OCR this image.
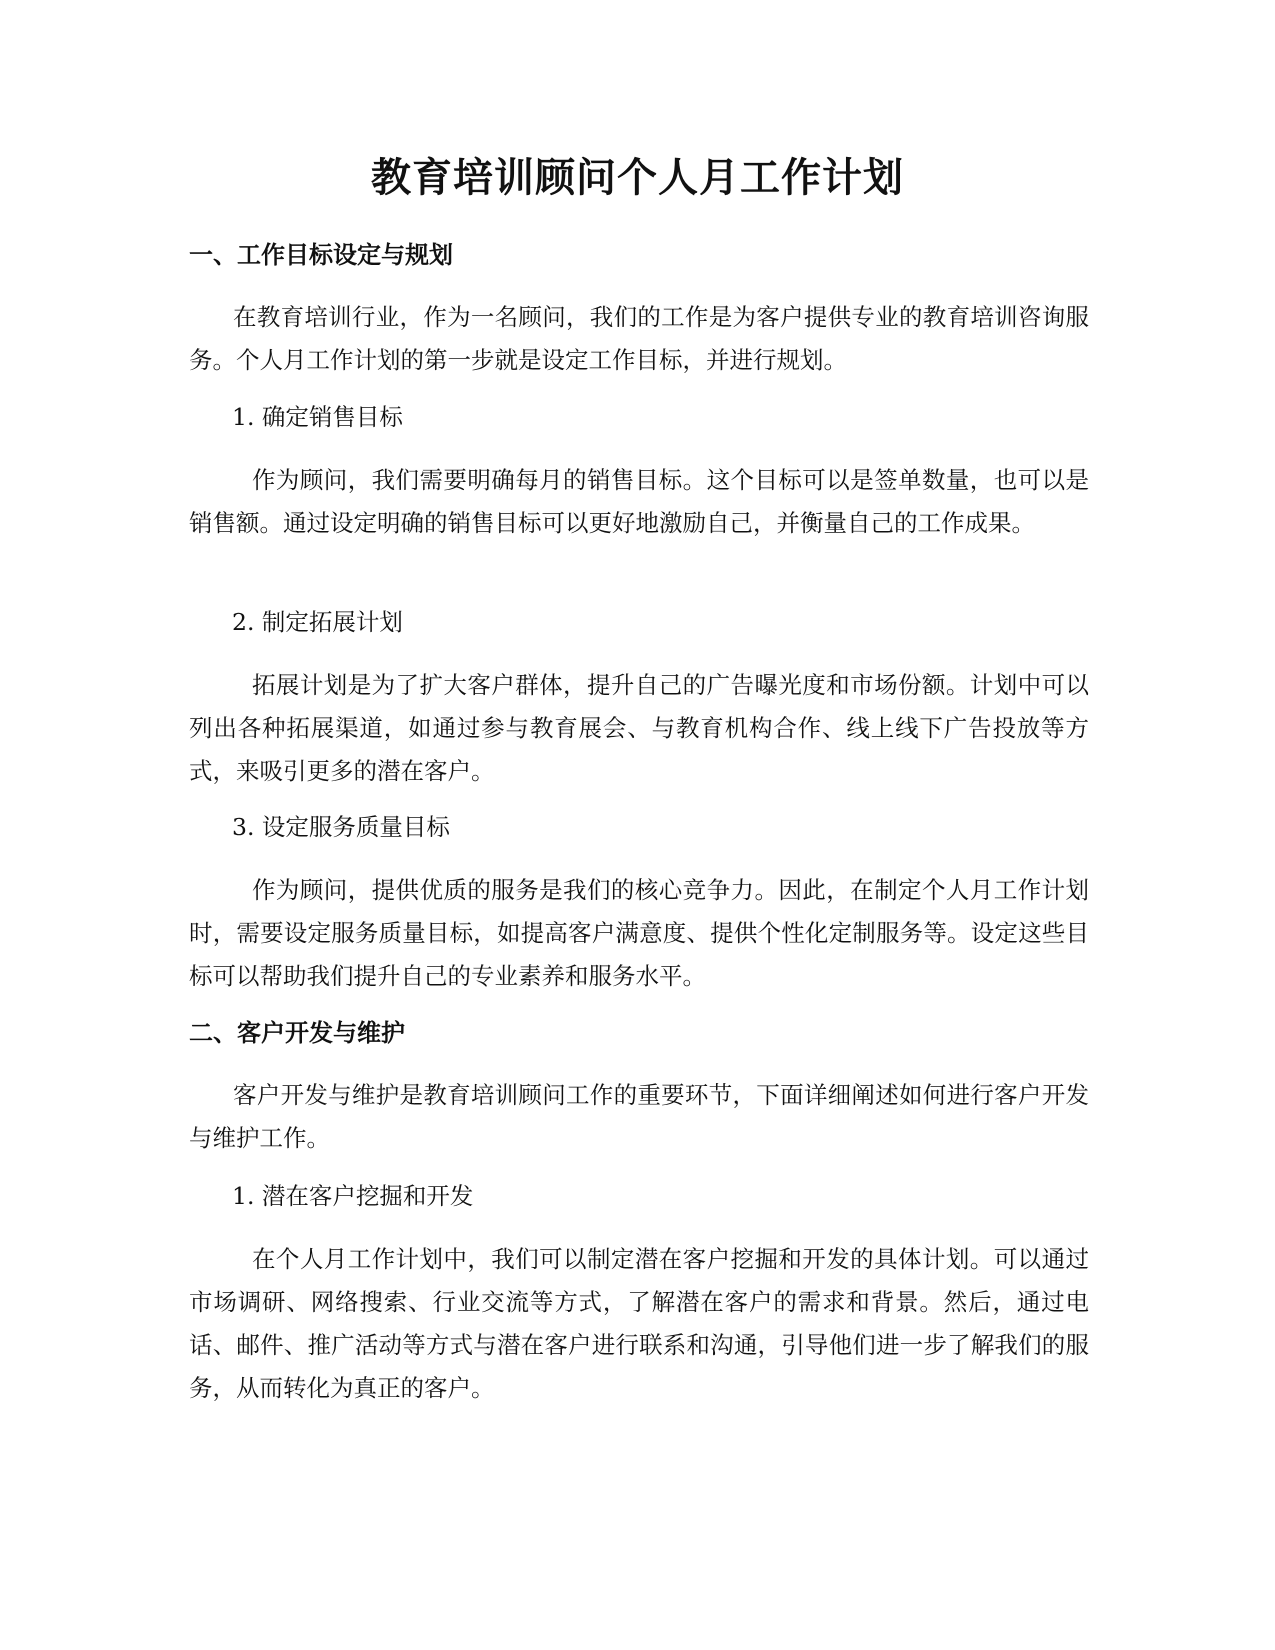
教育培训顾问个人月工作计划
一、工作目标设定与规划

在教育培训行业，作为一名顾问，我们的工作是为客户提供专业的教育培训咨询服务。个人月工作计划的第一步就是设定工作目标，并进行规划。

1. 确定销售目标

作为顾问，我们需要明确每月的销售目标。这个目标可以是签单数量，也可以是销售额。通过设定明确的销售目标可以更好地激励自己，并衡量自己的工作成果。

2. 制定拓展计划

拓展计划是为了扩大客户群体，提升自己的广告曝光度和市场份额。计划中可以列出各种拓展渠道，如通过参与教育展会、与教育机构合作、线上线下广告投放等方式，来吸引更多的潜在客户。

3. 设定服务质量目标

作为顾问，提供优质的服务是我们的核心竞争力。因此，在制定个人月工作计划时，需要设定服务质量目标，如提高客户满意度、提供个性化定制服务等。设定这些目标可以帮助我们提升自己的专业素养和服务水平。

二、客户开发与维护

客户开发与维护是教育培训顾问工作的重要环节，下面详细阐述如何进行客户开发与维护工作。

1. 潜在客户挖掘和开发

在个人月工作计划中，我们可以制定潜在客户挖掘和开发的具体计划。可以通过市场调研、网络搜索、行业交流等方式，了解潜在客户的需求和背景。然后，通过电话、邮件、推广活动等方式与潜在客户进行联系和沟通，引导他们进一步了解我们的服务，从而转化为真正的客户。
